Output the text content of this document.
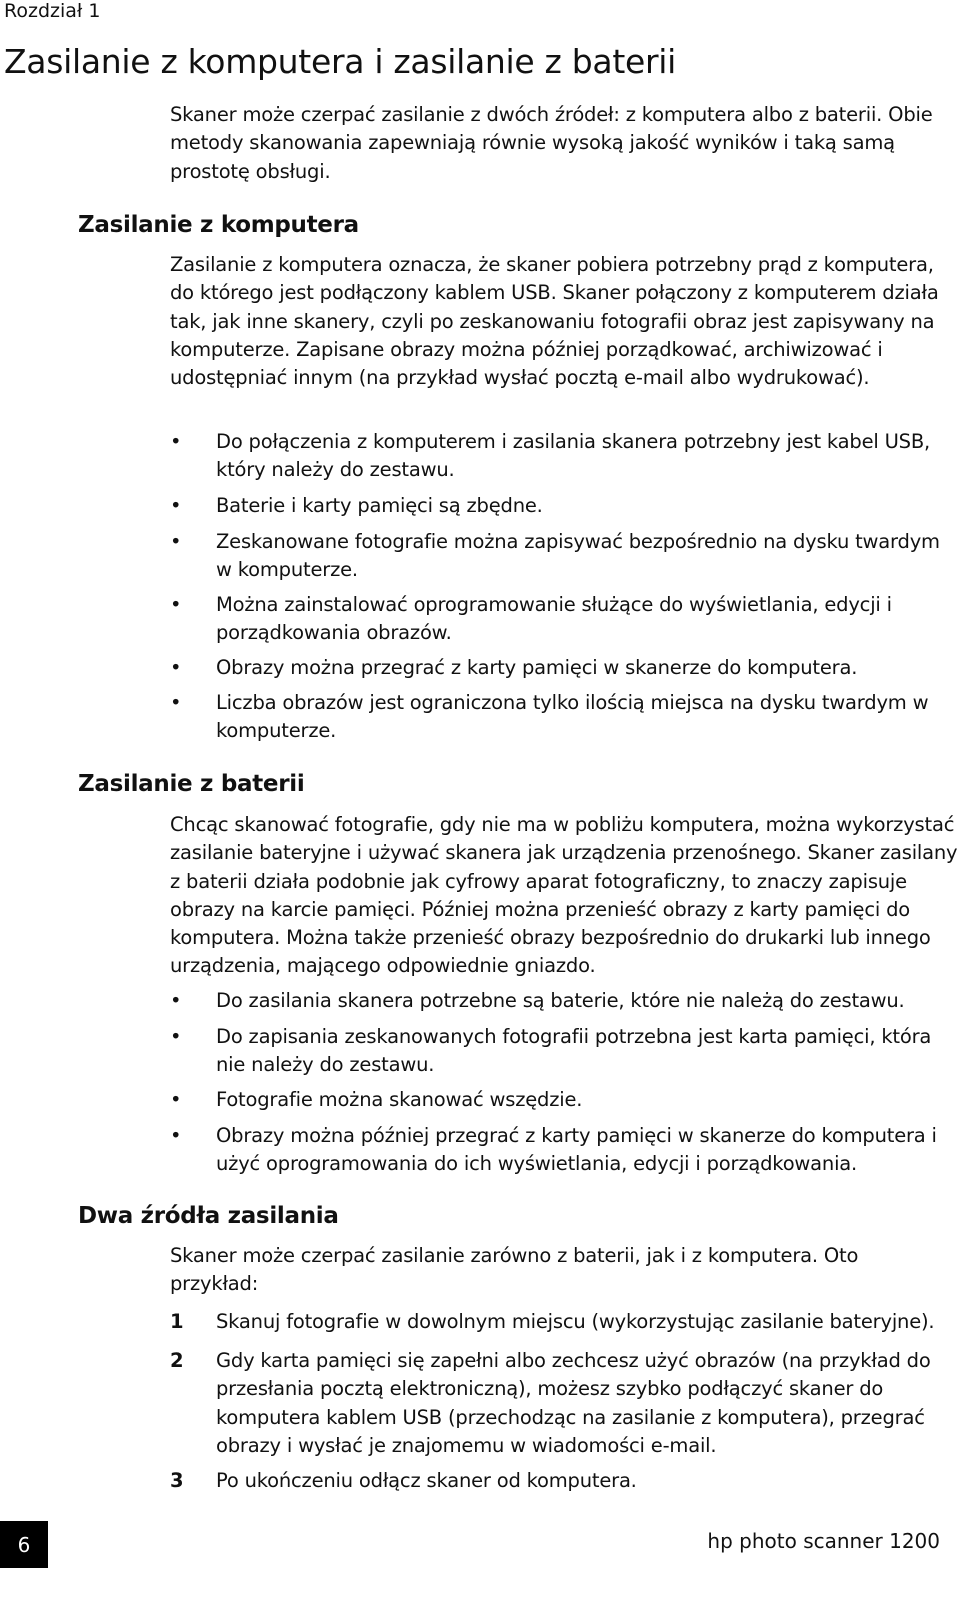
Rozdział 1
Zasilanie z komputera i zasilanie z baterii

Skaner może czerpać zasilanie z dwóch źródeł: z komputera albo z baterii. Obie metody skanowania zapewniają równie wysoką jakość wyników i taką samą prostotę obsługi.

Zasilanie z komputera

Zasilanie z komputera oznacza, że skaner pobiera potrzebny prąd z komputera, do którego jest podłączony kablem USB. Skaner połączony z komputerem działa tak, jak inne skanery, czyli po zeskanowaniu fotografii obraz jest zapisywany na komputerze. Zapisane obrazy można później porządkować, archiwizować i udostępniać innym (na przykład wysłać pocztą e-mail albo wydrukować).

•	Do połączenia z komputerem i zasilania skanera potrzebny jest kabel USB, który należy do zestawu.
•	Baterie i karty pamięci są zbędne.
•	Zeskanowane fotografie można zapisywać bezpośrednio na dysku twardym w komputerze.
•	Można zainstalować oprogramowanie służące do wyświetlania, edycji i porządkowania obrazów.
•	Obrazy można przegrać z karty pamięci w skanerze do komputera.
•	Liczba obrazów jest ograniczona tylko ilością miejsca na dysku twardym w komputerze.
Zasilanie z baterii

Chcąc skanować fotografie, gdy nie ma w pobliżu komputera, można wykorzystać zasilanie bateryjne i używać skanera jak urządzenia przenośnego. Skaner zasilany z baterii działa podobnie jak cyfrowy aparat fotograficzny, to znaczy zapisuje obrazy na karcie pamięci. Później można przenieść obrazy z karty pamięci do komputera. Można także przenieść obrazy bezpośrednio do drukarki lub innego urządzenia, mającego odpowiednie gniazdo.

•	Do zasilania skanera potrzebne są baterie, które nie należą do zestawu.
•	Do zapisania zeskanowanych fotografii potrzebna jest karta pamięci, która nie należy do zestawu.
•	Fotografie można skanować wszędzie.
•	Obrazy można później przegrać z karty pamięci w skanerze do komputera i użyć oprogramowania do ich wyświetlania, edycji i porządkowania.
Dwa źródła zasilania

Skaner może czerpać zasilanie zarówno z baterii, jak i z komputera. Oto przykład:

1	Skanuj fotografie w dowolnym miejscu (wykorzystując zasilanie bateryjne).
2	Gdy karta pamięci się zapełni albo zechcesz użyć obrazów (na przykład do przesłania pocztą elektroniczną), możesz szybko podłączyć skaner do komputera kablem USB (przechodząc na zasilanie z komputera), przegrać obrazy i wysłać je znajomemu w wiadomości e-mail.
3	Po ukończeniu odłącz skaner od komputera.
6	hp photo scanner 1200
